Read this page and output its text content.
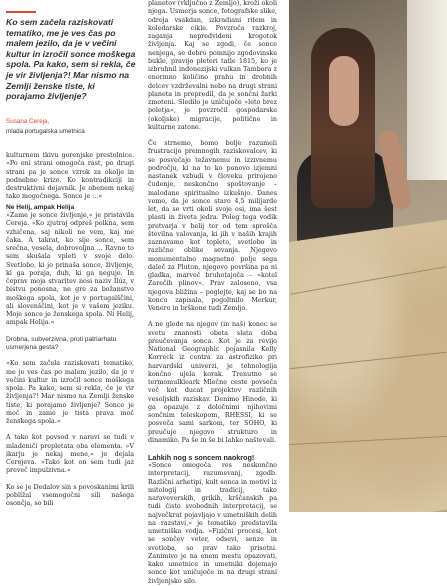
Ko sem začela raziskovati tematiko, me je ves čas po malem jezilo, da je v večini kultur in izročil sonce moškega spola. Pa kako, sem si rekla, če je vir življenja?! Mar nismo na Zemlji ženske tiste, ki porajamo življenje?

Susana Cereja,

mlada portugalska umetnica

kulturnem tkivu gorenjske prestolnice. »Po eni strani omogoča rast, po drugi strani pa je sonce vzrok za okolje in podnebne krize. Ko kontradikciji in destruktivni dejavnik. Je obenem nekaj tako mogočnega. Sonce je ...«

Ne Helij, ampak Helija

»Zame je sonce življenje,« je pristavila Cereja. »Ko zjutraj odpreš polkna, sem vzhičena, saj nikoli ne vem, kaj me čaka. A takrat, ko sije sonce, sem srečna, vesela, dobrovoljna ... Ravno to sem skušala vpleti v svoje delo. Svetlobo, ki jo prinaša sonce, življenje, ki ga poraja, duh, ki ga neguje. In čeprav moja stvaritev nosi naziv Ilúz, v bistvu ponosna, ne gre za božanstvo moškega spola, kot je v portugalščini, ali slovenščini, kot je v vašem jeziku. Moje sonce je ženskega spola. Ni Helij, ampak Helija.«

Drobna, subverzivna, proti patriarhatu usmerjena gesta?

»Ko sem začela raziskovati tematiko, me je ves čas po malem jezilo, da je v večini kultur in izročil sonce moškega spola. Pa kako, sem si rekla, če je vir življenja?! Mar nismo na Zemlji ženske tiste, ki porajamo življenje? Sonce je moč in zame je tista prava moč ženskega spola.«

A tako kot povsod v naravi se tudi v mladeniči prepletata oba elementa. »V ikarju je nekaj mene,« je dejala Cerejeva. »Tako kot on sem tudi jaz preveč impulzivna.«

Ko se je Dedalov sin s povoskanimi krili poblížal vsemogočni sili našega osončja, so bili

planetov (vključno z Zemljo), kroži okoli njega. Usmerja sonce, fotografske slike, odreja vsakdan, izkradiani ritem in koledarske cikle. Povzroča razkroj, zaganja nepredvideni krogotok življenja. Kaj se zgodi, če sonce nenjega, se debro pomnijo zgodovinske bukle, pravijo pleteri tatle 1815, ko je izbruhnil indonezijski vulkan Tambora z enormno količino prahu in drobnih delcev vzdrževalni nebo na drugi strani planeta in prepredil, da je sončni žarki zmoteni. Sledilo je uničujoče »leto brez poletja«, je povzročil gospodarske (okoljske) migracije, politične in kulturne zatone.

Če strnemo, bomo bolje razumeli frustracijo premnogih raziskovalcev, ki se posvečajo težavnemu in izzivnemu področju, ki na to ko ponovo izjemni nastanek vzbudi v človeku prirojeno čudenje, neskončno spoštovanje – malodane spiritualno izkušnjo. Danes vemo, da je sonce staro 4,5 milijarde let, da se vrti okoli svoje osi, ima šest plasti in živeta jedra. Poleg tega vodik pretvarja v helij ter od tem sprošča številna valovanja, ki jih v naših krajih zaznavamo kot topleto, svetlobo in različne oblike sevanja. Njegovo monumentalno magnetno polje sega daleč za Pluton, njegovo površina pa ni gladka, marveč bruhotajoča – »kotel Zarečih plinov«. Prav zaloseno, vsa njegova bližina – poglejte, kaj se bo na koncu zapisala, pogoltnilo Merkur, Venero in brškone tudi Zemljo.

A ne glede na njegov (in naš) konec se svetu znanosti obeta slata doba preučevanja sonca. Kot je za revijo National Geographic pojasnila Kelly Korreck iz centra za astrofiziko pri harvardski univerzi, je tehnologija končno ujela korak. Trenutno se termomulkleark Mlečne ceste povseča več kot ducat projektov različnih vesoljskih raziskav. Denimo Hinode, ki ga opazuje z določnimi njihovimi sončnim teleskopom, RHESSI, ki se posveča sami sarkom, ter SOHO, ki preučuje njegovo strukturo in dinamiko. Pa še in še bi lahko naštevali.

Lahkih nog s soncem naokrog!

»Sonce omogoča res neskončno interpretacij, razumevanj, zgodb. Različni arhetipi, kult sonca in motivi iz mitologij in tradicij, tako naraveverskih, grikih, krščanskih pa tudi čisto svobodnih interpretacij, se največkrat pojavljajo v umetniških delih na razstavi,« je tematiko predstavila umetniška vodja. »Fizični procesi, kot se sončev veter, odsevi, senze in svetloba, so prav tako prisotni. Zanimivo je na enem mestu opazovati, kako umetnice in umetniki dojemajo sonce kot uničujoče in na drugi strani življenjsko silo.
